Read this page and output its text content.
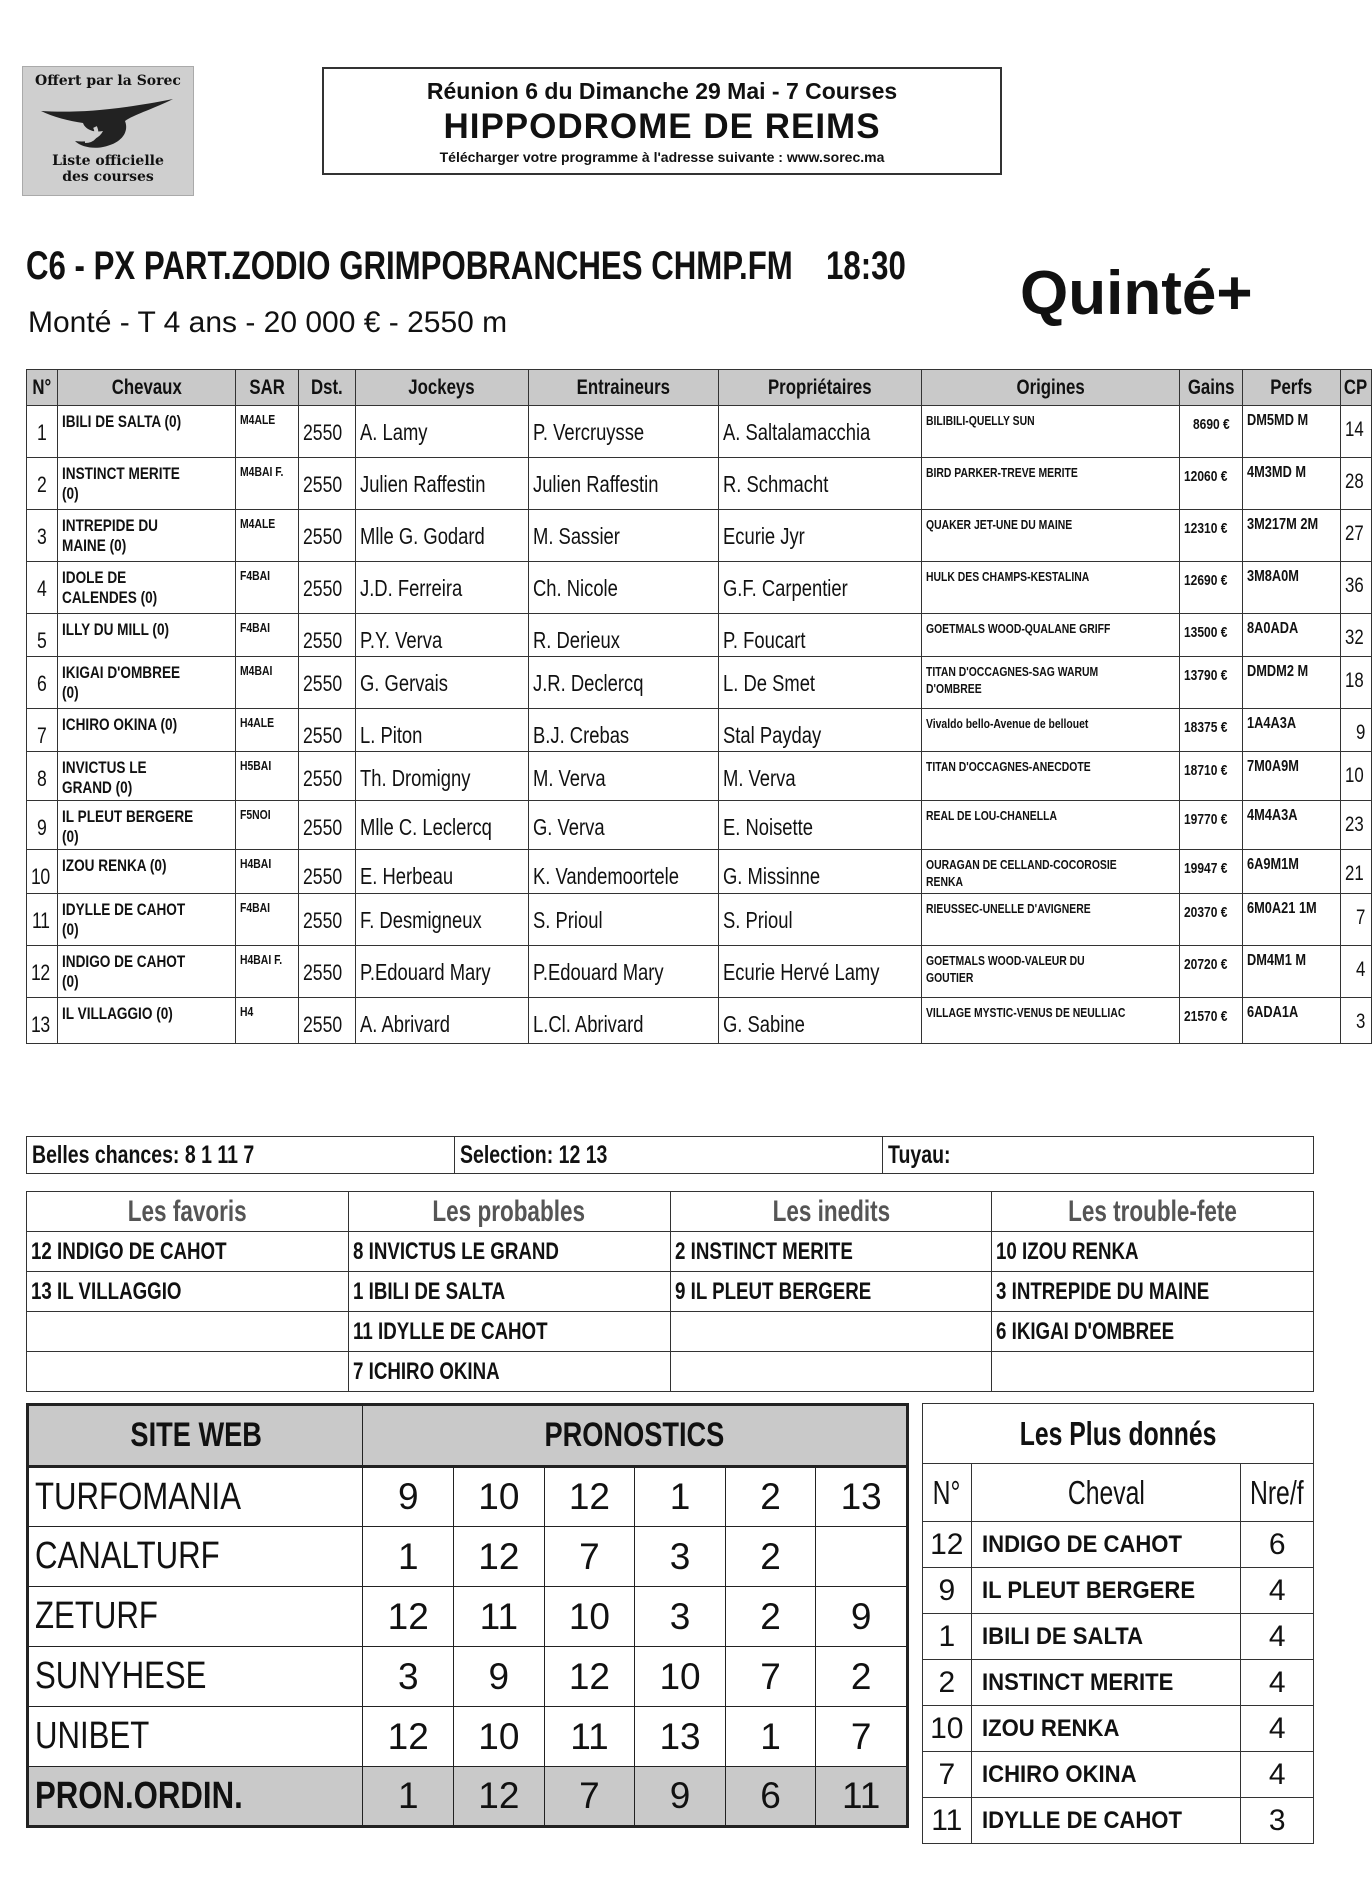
Offert par la Sorec
Liste officielle
des courses
Réunion 6 du Dimanche 29 Mai - 7 Courses
HIPPODROME DE REIMS
Télécharger votre programme à l'adresse suivante : www.sorec.ma
C6 - PX PART.ZODIO GRIMPOBRANCHES CHMP.FM 18:30 Quinté+
Monté - T 4 ans - 20 000 € - 2550 m
N°	Chevaux	SAR	Dst.	Jockeys	Entraineurs	Propriétaires	Origines	Gains	Perfs	CP
1	IBILI DE SALTA (0)	M4ALE	2550	A. Lamy	P. Vercruysse	A. Saltalamacchia	BILIBILI-QUELLY SUN	8690 €	DM5MD M	14
2	INSTINCT MERITE (0)	M4BAI F.	2550	Julien Raffestin	Julien Raffestin	R. Schmacht	BIRD PARKER-TREVE MERITE	12060 €	4M3MD M	28
3	INTREPIDE DU MAINE (0)	M4ALE	2550	Mlle G. Godard	M. Sassier	Ecurie Jyr	QUAKER JET-UNE DU MAINE	12310 €	3M217M 2M	27
4	IDOLE DE CALENDES (0)	F4BAI	2550	J.D. Ferreira	Ch. Nicole	G.F. Carpentier	HULK DES CHAMPS-KESTALINA	12690 €	3M8A0M	36
5	ILLY DU MILL (0)	F4BAI	2550	P.Y. Verva	R. Derieux	P. Foucart	GOETMALS WOOD-QUALANE GRIFF	13500 €	8A0ADA	32
6	IKIGAI D'OMBREE (0)	M4BAI	2550	G. Gervais	J.R. Declercq	L. De Smet	TITAN D'OCCAGNES-SAG WARUM D'OMBREE	13790 €	DMDM2 M	18
7	ICHIRO OKINA (0)	H4ALE	2550	L. Piton	B.J. Crebas	Stal Payday	Vivaldo bello-Avenue de bellouet	18375 €	1A4A3A	9
8	INVICTUS LE GRAND (0)	H5BAI	2550	Th. Dromigny	M. Verva	M. Verva	TITAN D'OCCAGNES-ANECDOTE	18710 €	7M0A9M	10
9	IL PLEUT BERGERE (0)	F5NOI	2550	Mlle C. Leclercq	G. Verva	E. Noisette	REAL DE LOU-CHANELLA	19770 €	4M4A3A	23
10	IZOU RENKA (0)	H4BAI	2550	E. Herbeau	K. Vandemoortele	G. Missinne	OURAGAN DE CELLAND-COCOROSIE RENKA	19947 €	6A9M1M	21
11	IDYLLE DE CAHOT (0)	F4BAI	2550	F. Desmigneux	S. Prioul	S. Prioul	RIEUSSEC-UNELLE D'AVIGNERE	20370 €	6M0A21 1M	7
12	INDIGO DE CAHOT (0)	H4BAI F.	2550	P.Edouard Mary	P.Edouard Mary	Ecurie Hervé Lamy	GOETMALS WOOD-VALEUR DU GOUTIER	20720 €	DM4M1 M	4
13	IL VILLAGGIO (0)	H4	2550	A. Abrivard	L.Cl. Abrivard	G. Sabine	VILLAGE MYSTIC-VENUS DE NEULLIAC	21570 €	6ADA1A	3
Belles chances: 8 1 11 7	Selection: 12 13	Tuyau:
Les favoris	Les probables	Les inedits	Les trouble-fete
12 INDIGO DE CAHOT	8 INVICTUS LE GRAND	2 INSTINCT MERITE	10 IZOU RENKA
13 IL VILLAGGIO	1 IBILI DE SALTA	9 IL PLEUT BERGERE	3 INTREPIDE DU MAINE
	11 IDYLLE DE CAHOT		6 IKIGAI D'OMBREE
	7 ICHIRO OKINA		
SITE WEB	PRONOSTICS					
TURFOMANIA	9	10	12	1	2	13
CANALTURF	1	12	7	3	2	
ZETURF	12	11	10	3	2	9
SUNYHESE	3	9	12	10	7	2
UNIBET	12	10	11	13	1	7
PRON.ORDIN.	1	12	7	9	6	11
Les Plus donnés		
N°	Cheval	Nre/f
12	INDIGO DE CAHOT	6
9	IL PLEUT BERGERE	4
1	IBILI DE SALTA	4
2	INSTINCT MERITE	4
10	IZOU RENKA	4
7	ICHIRO OKINA	4
11	IDYLLE DE CAHOT	3
